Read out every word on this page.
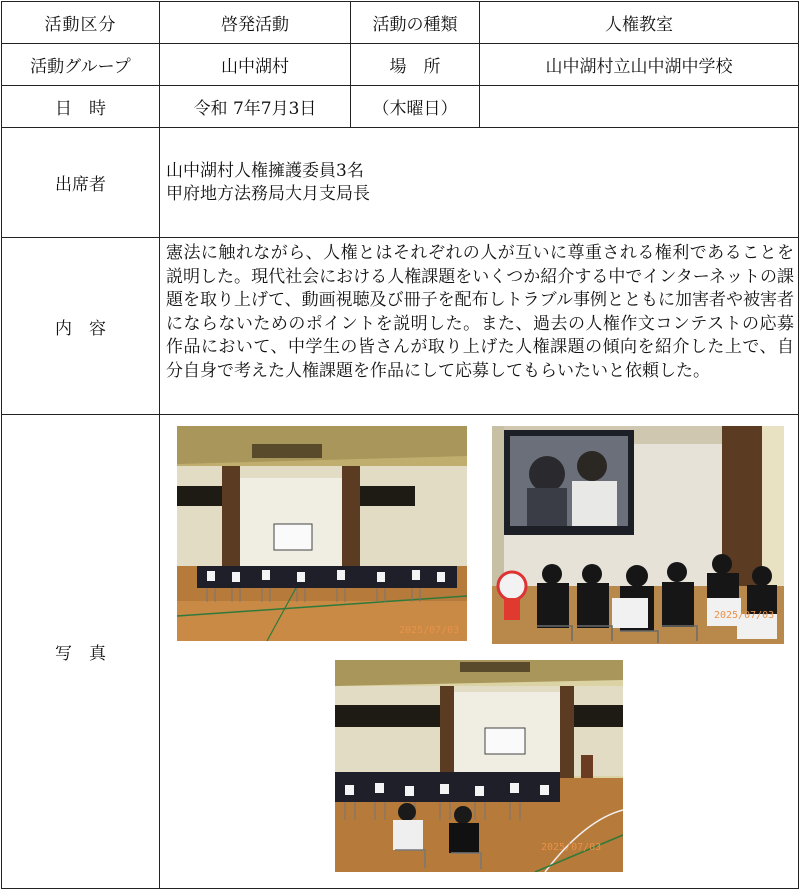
活動区分	啓発活動	活動の種類	人権教室
活動グループ	山中湖村	場　所	山中湖村立山中湖中学校
日　時	令和 7年7月3日	（木曜日）	
出席者	山中湖村人権擁護委員3名
甲府地方法務局大月支局長		

内　容	憲法に触れながら、人権とはそれぞれの人が互いに尊重される権利であることを説明した。現代社会における人権課題をいくつか紹介する中でインターネットの課題を取り上げて、動画視聴及び冊子を配布しトラブル事例とともに加害者や被害者にならないためのポイントを説明した。また、過去の人権作文コンテストの応募作品において、中学生の皆さんが取り上げた人権課題の傾向を紹介した上で、自分自身で考えた人権課題を作品にして応募してもらいたいと依頼した。		
写　真	2025/07/03
2025/07/03
2025/07/03		
